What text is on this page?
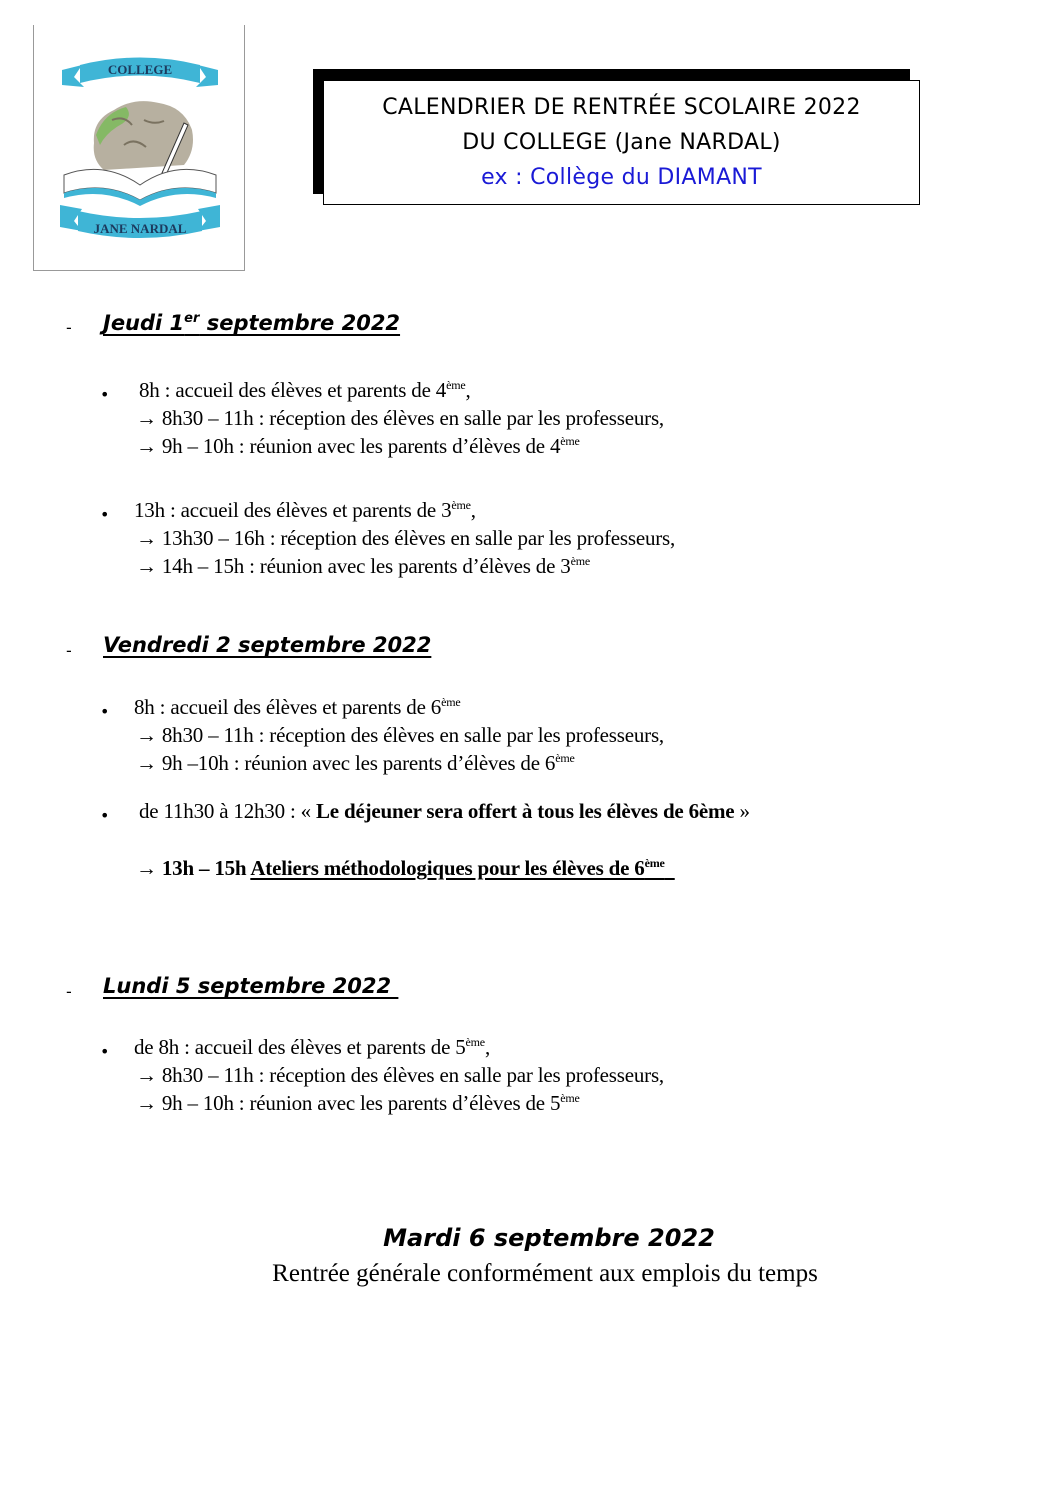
COLLEGE
JANE NARDAL
CALENDRIER DE RENTRÉE SCOLAIRE 2022
DU COLLEGE (Jane NARDAL)
ex : Collège du DIAMANT
- Jeudi 1er septembre 2022
• 8h : accueil des élèves et parents de 4ème,
→ 8h30 – 11h : réception des élèves en salle par les professeurs,
→ 9h – 10h : réunion avec les parents d’élèves de 4ème
• 13h : accueil des élèves et parents de 3ème,
→ 13h30 – 16h : réception des élèves en salle par les professeurs,
→ 14h – 15h : réunion avec les parents d’élèves de 3ème
- Vendredi 2 septembre 2022
• 8h : accueil des élèves et parents de 6ème
→ 8h30 – 11h : réception des élèves en salle par les professeurs,
→ 9h –10h : réunion avec les parents d’élèves de 6ème
• de 11h30 à 12h30 : « Le déjeuner sera offert à tous les élèves de 6ème »
→ 13h – 15h Ateliers méthodologiques pour les élèves de 6ème
- Lundi 5 septembre 2022
• de 8h : accueil des élèves et parents de 5ème,
→ 8h30 – 11h : réception des élèves en salle par les professeurs,
→ 9h – 10h : réunion avec les parents d’élèves de 5ème
Mardi 6 septembre 2022
Rentrée générale conformément aux emplois du temps
